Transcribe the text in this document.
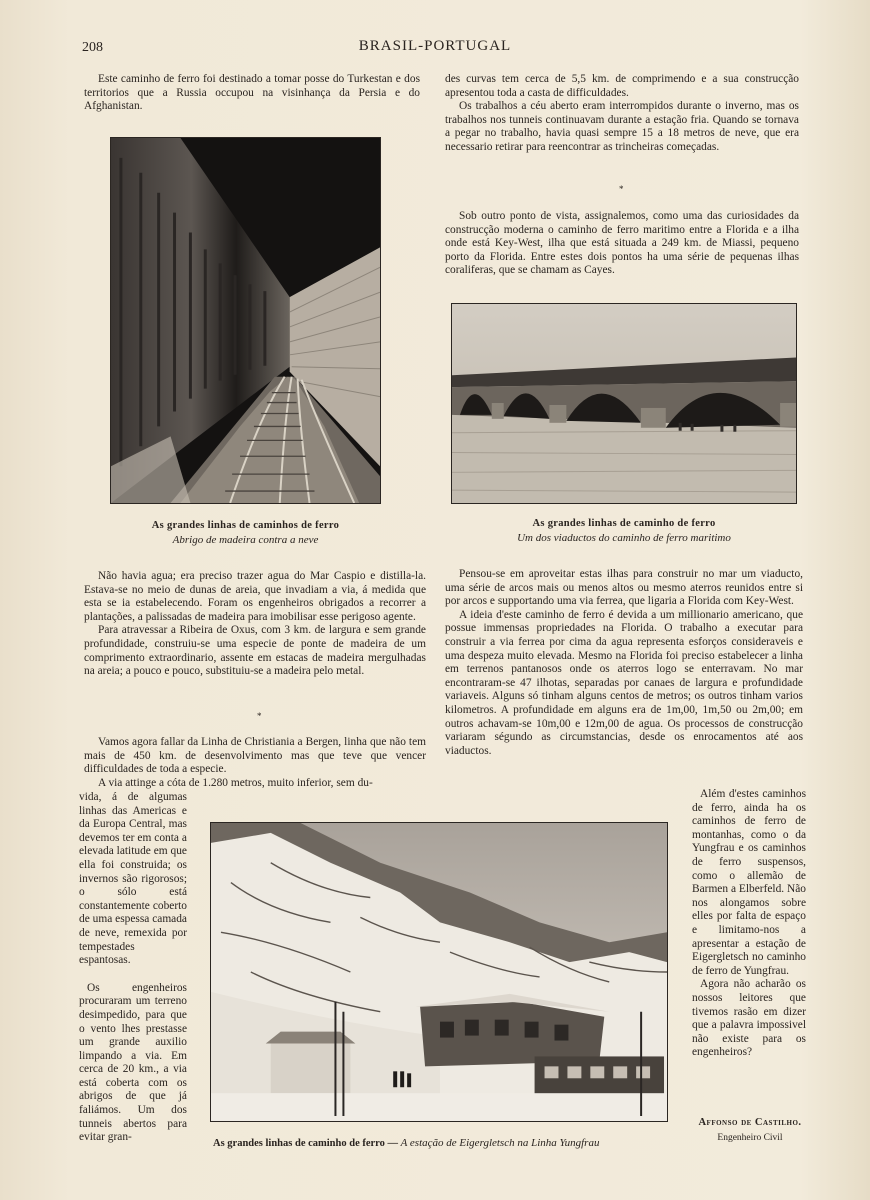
208	BRASIL-PORTUGAL

Este caminho de ferro foi destinado a tomar posse do Turkestan e dos territorios que a Russia occupou na visinhança da Persia e do Afghanistan.

des curvas tem cerca de 5,5 km. de comprimendo e a sua construcção apresentou toda a casta de difficuldades.

Os trabalhos a céu aberto eram interrompidos durante o inverno, mas os trabalhos nos tunneis continuavam durante a estação fria. Quando se tornava a pegar no trabalho, havia quasi sempre 15 a 18 metros de neve, que era necessario retirar para reencontrar as trincheiras começadas.

*

Sob outro ponto de vista, assignalemos, como uma das curiosidades da construcção moderna o caminho de ferro maritimo entre a Florida e a ilha onde está Key-West, ilha que está situada a 249 km. de Miassi, pequeno porto da Florida. Entre estes dois pontos ha uma série de pequenas ilhas coraliferas, que se chamam as Cayes.

As grandes linhas de caminhos de ferro
Abrigo de madeira contra a neve
As grandes linhas de caminho de ferro
Um dos viaductos do caminho de ferro maritimo

Não havia agua; era preciso trazer agua do Mar Caspio e distilla-la. Estava-se no meio de dunas de areia, que invadiam a via, á medida que esta se ia estabelecendo. Foram os engenheiros obrigados a recorrer a plantações, a palissadas de madeira para imobilisar esse perigoso agente.

Para atravessar a Ribeira de Oxus, com 3 km. de largura e sem grande profundidade, construiu-se uma especie de ponte de madeira de um comprimento extraordinario, assente em estacas de madeira mergulhadas na areia; a pouco e pouco, substituiu-se a madeira pelo metal.

*

Vamos agora fallar da Linha de Christiania a Bergen, linha que não tem mais de 450 km. de desenvolvimento mas que teve que vencer difficuldades de toda a especie.

A via attinge a cóta de 1.280 metros, muito inferior, sem du-

vida, á de algumas linhas das Americas e da Europa Central, mas devemos ter em conta a elevada latitude em que ella foi construida; os invernos são rigorosos; o sólo está constantemente coberto de uma espessa camada de neve, remexida por tempestades espantosas.

Os engenheiros procuraram um terreno desimpedido, para que o vento lhes prestasse um grande auxilio limpando a via. Em cerca de 20 km., a via está coberta com os abrigos de que já faliámos. Um dos tunneis abertos para evitar gran-

Pensou-se em aproveitar estas ilhas para construir no mar um viaducto, uma série de arcos mais ou menos altos ou mesmo aterros reunidos entre si por arcos e supportando uma via ferrea, que ligaria a Florida com Key-West.

A ideia d'este caminho de ferro é devida a um millionario americano, que possue immensas propriedades na Florida. O trabalho a executar para construir a via ferrea por cima da agua representa esforços consideraveis e uma despeza muito elevada. Mesmo na Florida foi preciso estabelecer a linha em terrenos pantanosos onde os aterros logo se enterravam. No mar encontraram-se 47 ilhotas, separadas por canaes de largura e profundidade variaveis. Alguns só tinham alguns centos de metros; os outros tinham varios kilometros. A profundidade em alguns era de 1m,00, 1m,50 ou 2m,00; em outros achavam-se 10m,00 e 12m,00 de agua. Os processos de construcção variaram ségundo as circumstancias, desde os enrocamentos até aos viaductos.

Além d'estes caminhos de ferro, ainda ha os caminhos de ferro de montanhas, como o da Yungfrau e os caminhos de ferro suspensos, como o allemão de Barmen a Elberfeld. Não nos alongamos sobre elles por falta de espaço e limitamo-nos a apresentar a estação de Eigergletsch no caminho de ferro de Yungfrau.

Agora não acharão os nossos leitores que tivemos rasão em dizer que a palavra impossivel não existe para os engenheiros?

As grandes linhas de caminho de ferro — A estação de Eigergletsch na Linha Yungfrau
Affonso de Castilho.
Engenheiro Civil
